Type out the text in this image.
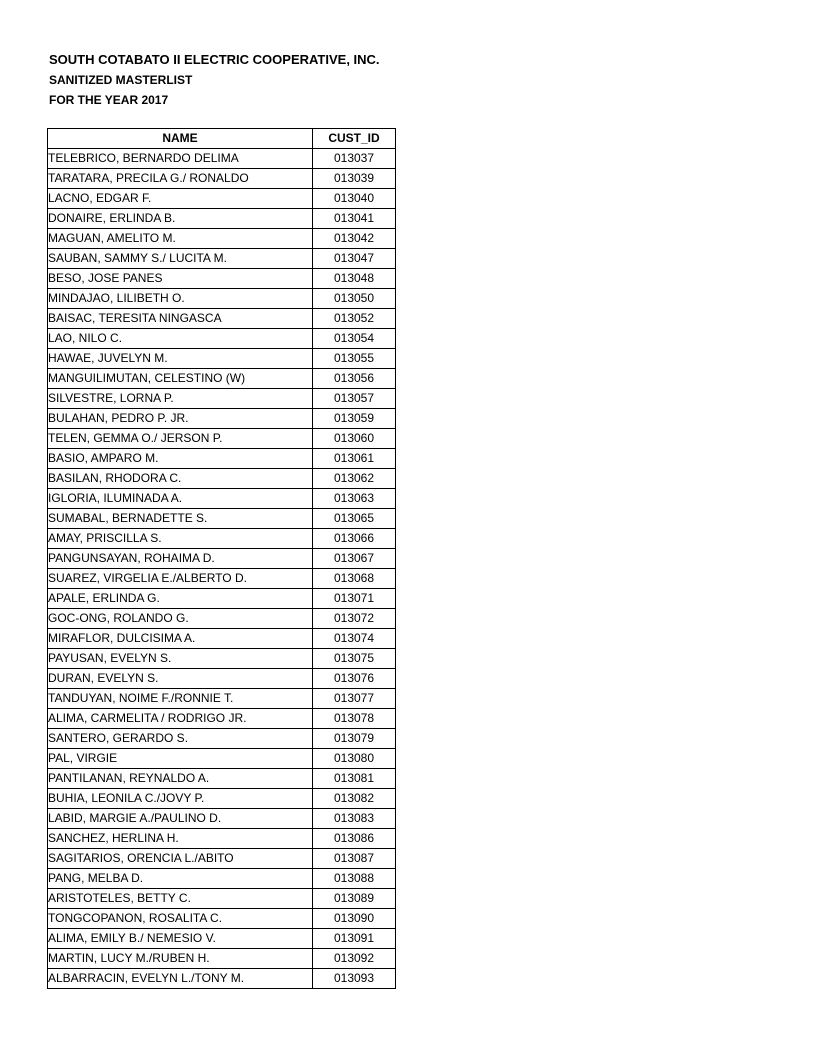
SOUTH COTABATO II ELECTRIC COOPERATIVE, INC.
SANITIZED MASTERLIST
FOR THE YEAR 2017
NAME	CUST_ID
TELEBRICO, BERNARDO DELIMA	013037
TARATARA, PRECILA G./ RONALDO	013039
LACNO, EDGAR F.	013040
DONAIRE, ERLINDA B.	013041
MAGUAN, AMELITO M.	013042
SAUBAN, SAMMY S./ LUCITA M.	013047
BESO, JOSE PANES	013048
MINDAJAO, LILIBETH O.	013050
BAISAC, TERESITA NINGASCA	013052
LAO, NILO C.	013054
HAWAE, JUVELYN M.	013055
MANGUILIMUTAN, CELESTINO (W)	013056
SILVESTRE, LORNA P.	013057
BULAHAN, PEDRO P. JR.	013059
TELEN, GEMMA O./ JERSON P.	013060
BASIO, AMPARO M.	013061
BASILAN, RHODORA C.	013062
IGLORIA, ILUMINADA A.	013063
SUMABAL, BERNADETTE S.	013065
AMAY, PRISCILLA S.	013066
PANGUNSAYAN, ROHAIMA D.	013067
SUAREZ, VIRGELIA E./ALBERTO D.	013068
APALE, ERLINDA G.	013071
GOC-ONG, ROLANDO G.	013072
MIRAFLOR, DULCISIMA A.	013074
PAYUSAN, EVELYN S.	013075
DURAN, EVELYN S.	013076
TANDUYAN, NOIME F./RONNIE T.	013077
ALIMA, CARMELITA / RODRIGO JR.	013078
SANTERO, GERARDO S.	013079
PAL, VIRGIE	013080
PANTILANAN, REYNALDO A.	013081
BUHIA, LEONILA C./JOVY P.	013082
LABID, MARGIE A./PAULINO D.	013083
SANCHEZ, HERLINA H.	013086
SAGITARIOS, ORENCIA L./ABITO	013087
PANG, MELBA D.	013088
ARISTOTELES, BETTY C.	013089
TONGCOPANON, ROSALITA C.	013090
ALIMA, EMILY B./ NEMESIO V.	013091
MARTIN, LUCY M./RUBEN H.	013092
ALBARRACIN, EVELYN L./TONY M.	013093
